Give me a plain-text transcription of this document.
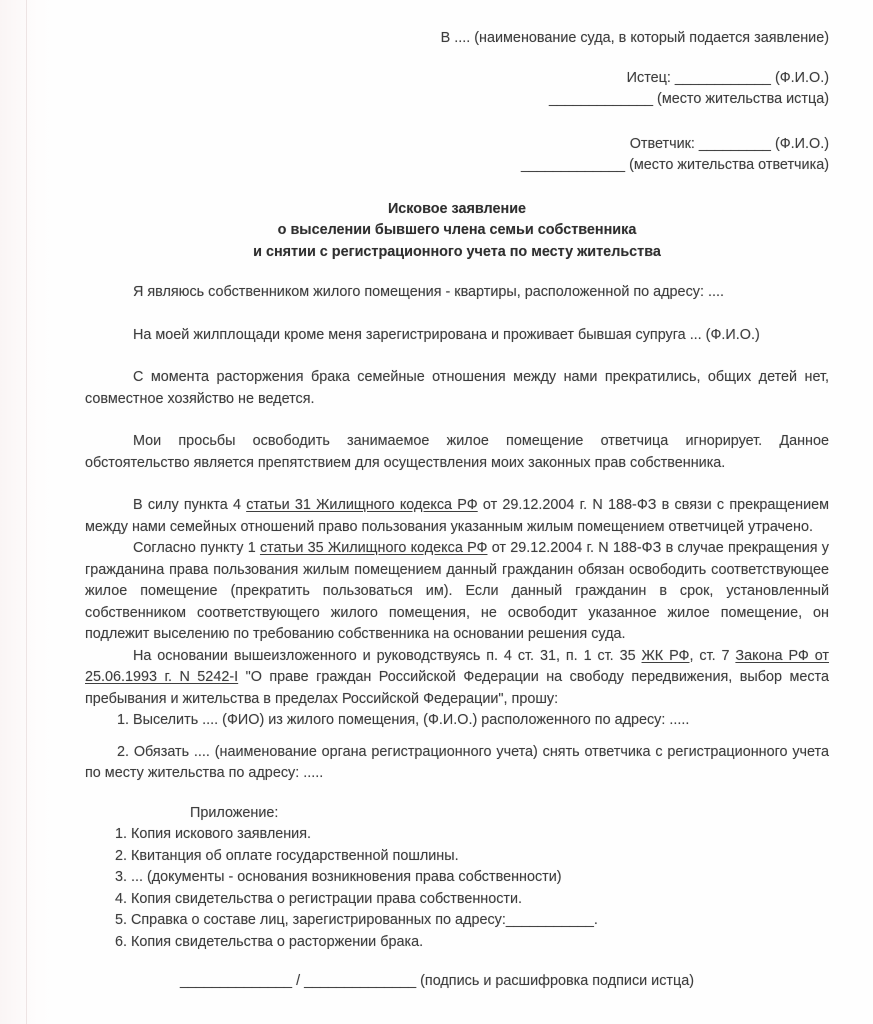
В .... (наименование суда, в который подается заявление)
Истец: ____________ (Ф.И.О.)
_____________ (место жительства истца)
Ответчик: _________ (Ф.И.О.)
_____________ (место жительства ответчика)
Исковое заявление
о выселении бывшего члена семьи собственника
и снятии с регистрационного учета по месту жительства

Я являюсь собственником жилого помещения - квартиры, расположенной по адресу: ....

На моей жилплощади кроме меня зарегистрирована и проживает бывшая супруга ... (Ф.И.О.)

С момента расторжения брака семейные отношения между нами прекратились, общих детей нет, совместное хозяйство не ведется.

Мои просьбы освободить занимаемое жилое помещение ответчица игнорирует. Данное обстоятельство является препятствием для осуществления моих законных прав собственника.

В силу пункта 4 статьи 31 Жилищного кодекса РФ от 29.12.2004 г. N 188-ФЗ в связи с прекращением между нами семейных отношений право пользования указанным жилым помещением ответчицей утрачено.

Согласно пункту 1 статьи 35 Жилищного кодекса РФ от 29.12.2004 г. N 188-ФЗ в случае прекращения у гражданина права пользования жилым помещением данный гражданин обязан освободить соответствующее жилое помещение (прекратить пользоваться им). Если данный гражданин в срок, установленный собственником соответствующего жилого помещения, не освободит указанное жилое помещение, он подлежит выселению по требованию собственника на основании решения суда.

На основании вышеизложенного и руководствуясь п. 4 ст. 31, п. 1 ст. 35 ЖК РФ, ст. 7 Закона РФ от 25.06.1993 г. N 5242-I "О праве граждан Российской Федерации на свободу передвижения, выбор места пребывания и жительства в пределах Российской Федерации", прошу:

1. Выселить .... (ФИО) из жилого помещения, (Ф.И.О.) расположенного по адресу: .....

2. Обязать .... (наименование органа регистрационного учета) снять ответчика с регистрационного учета по месту жительства по адресу: .....

Приложение:
1. Копия искового заявления.
2. Квитанция об оплате государственной пошлины.
3. ... (документы - основания возникновения права собственности)
4. Копия свидетельства о регистрации права собственности.
5. Справка о составе лиц, зарегистрированных по адресу:___________.
6. Копия свидетельства о расторжении брака.
______________ / ______________ (подпись и расшифровка подписи истца)
